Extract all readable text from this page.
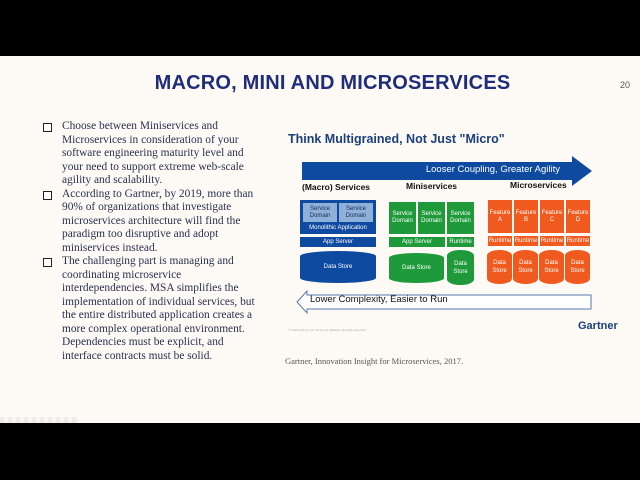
MACRO, MINI AND MICROSERVICES	20
Choose between Miniservices and Microservices in consideration of your software engineering maturity level and your need to support extreme web-scale agility and scalability.
According to Gartner, by 2019, more than 90% of organizations that investigate microservices architecture will find the paradigm too disruptive and adopt miniservices instead.
The challenging part is managing and coordinating microservice interdependencies. MSA simplifies the implementation of individual services, but the entire distributed application creates a more complex operational environment. Dependencies must be explicit, and interface contracts must be solid.
Think Multigrained, Not Just "Micro"
Looser Coupling, Greater Agility
(Macro) Services	Miniservices	Microservices
Service Domain
Service Domain
Monolithic Application
App Server
Data Store
Service Domain
Service Domain
Service Domain
App Server	Runtime
Data Store
Data Store
Feature A
Feature B
Feature C
Feature D
Runtime Runtime Runtime Runtime
Data Store
Data Store
Data Store
Data Store
Lower Complexity, Easier to Run
© 2016 Gartner, Inc. and/or its affiliates. All rights reserved.	Gartner
Gartner, Innovation Insight for Microservices, 2017.
